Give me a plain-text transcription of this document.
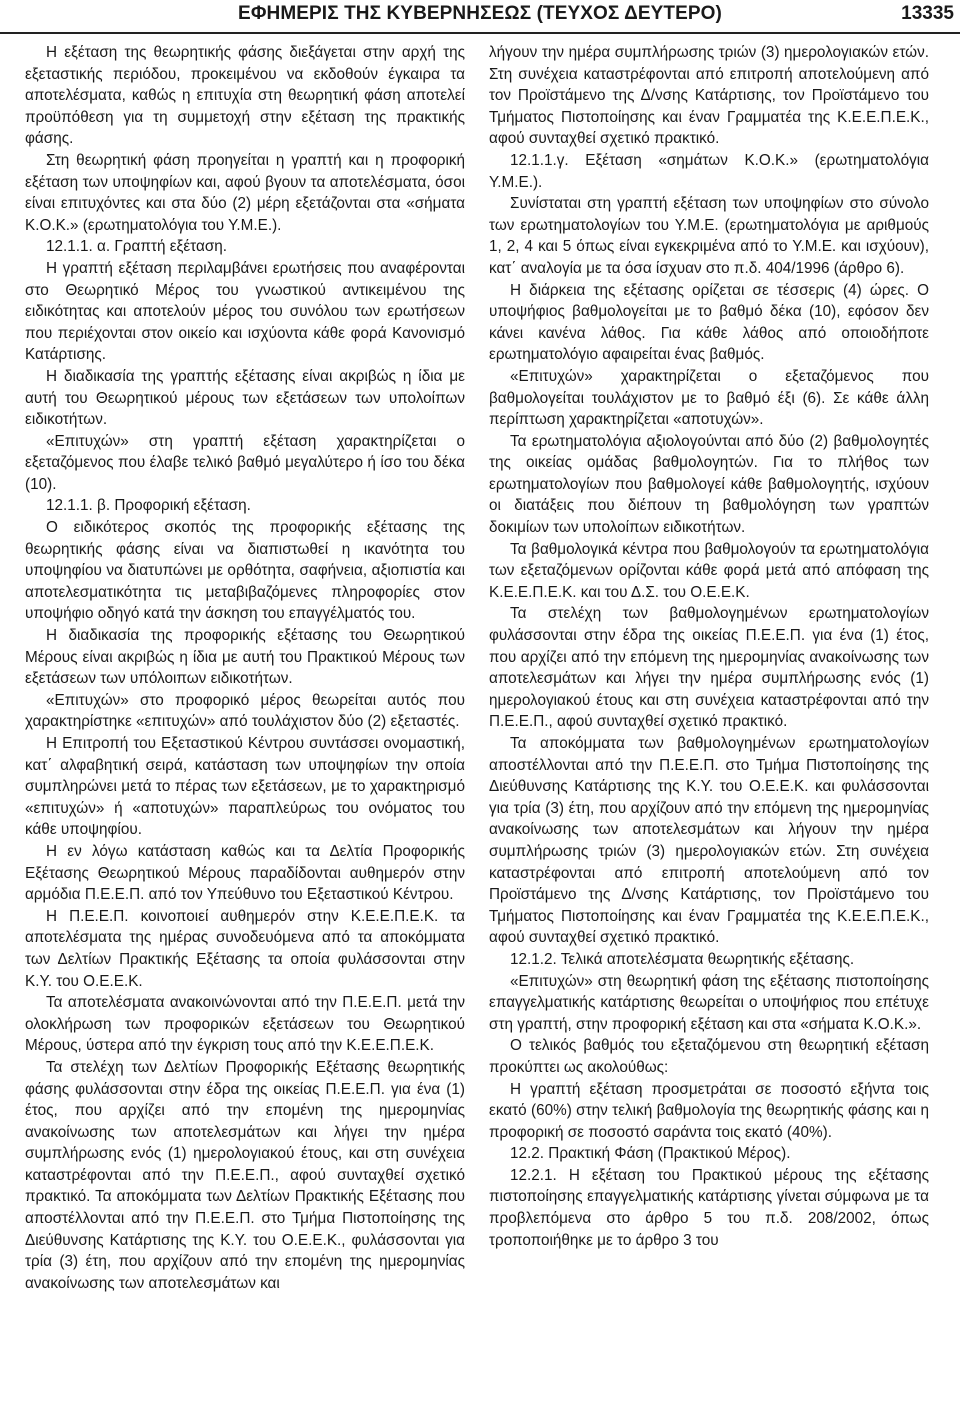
ΕΦΗΜΕΡΙΣ ΤΗΣ ΚΥΒΕΡΝΗΣΕΩΣ (ΤΕΥΧΟΣ ΔΕΥΤΕΡΟ)	13335

Η εξέταση της θεωρητικής φάσης διεξάγεται στην αρχή της εξεταστικής περιόδου, προκειμένου να εκδοθούν έγκαιρα τα αποτελέσματα, καθώς η επιτυχία στη θεωρητική φάση αποτελεί προϋπόθεση για τη συμμετοχή στην εξέταση της πρακτικής φάσης.

Στη θεωρητική φάση προηγείται η γραπτή και η προφορική εξέταση των υποψηφίων και, αφού βγουν τα αποτελέσματα, όσοι είναι επιτυχόντες και στα δύο (2) μέρη εξετάζονται στα «σήματα Κ.Ο.Κ.» (ερωτηματολόγια του Υ.Μ.Ε.).

12.1.1. α. Γραπτή εξέταση.

Η γραπτή εξέταση περιλαμβάνει ερωτήσεις που αναφέρονται στο Θεωρητικό Μέρος του γνωστικού αντικειμένου της ειδικότητας και αποτελούν μέρος του συνόλου των ερωτήσεων που περιέχονται στον οικείο και ισχύοντα κάθε φορά Κανονισμό Κατάρτισης.

Η διαδικασία της γραπτής εξέτασης είναι ακριβώς η ίδια με αυτή του Θεωρητικού μέρους των εξετάσεων των υπολοίπων ειδικοτήτων.

«Επιτυχών» στη γραπτή εξέταση χαρακτηρίζεται ο εξεταζόμενος που έλαβε τελικό βαθμό μεγαλύτερο ή ίσο του δέκα (10).

12.1.1. β. Προφορική εξέταση.

Ο ειδικότερος σκοπός της προφορικής εξέτασης της θεωρητικής φάσης είναι να διαπιστωθεί η ικανότητα του υποψηφίου να διατυπώνει με ορθότητα, σαφήνεια, αξιοπιστία και αποτελεσματικότητα τις μεταβιβαζόμενες πληροφορίες στον υποψήφιο οδηγό κατά την άσκηση του επαγγέλματός του.

Η διαδικασία της προφορικής εξέτασης του Θεωρητικού Μέρους είναι ακριβώς η ίδια με αυτή του Πρακτικού Μέρους των εξετάσεων των υπόλοιπων ειδικοτήτων.

«Επιτυχών» στο προφορικό μέρος θεωρείται αυτός που χαρακτηρίστηκε «επιτυχών» από τουλάχιστον δύο (2) εξεταστές.

Η Επιτροπή του Εξεταστικού Κέντρου συντάσσει ονομαστική, κατ΄ αλφαβητική σειρά, κατάσταση των υποψηφίων την οποία συμπληρώνει μετά το πέρας των εξετάσεων, με το χαρακτηρισμό «επιτυχών» ή «αποτυχών» παραπλεύρως του ονόματος του κάθε υποψηφίου.

Η εν λόγω κατάσταση καθώς και τα Δελτία Προφορικής Εξέτασης Θεωρητικού Μέρους παραδίδονται αυθημερόν στην αρμόδια Π.Ε.Ε.Π. από τον Υπεύθυνο του Εξεταστικού Κέντρου.

Η Π.Ε.Ε.Π. κοινοποιεί αυθημερόν στην Κ.Ε.Ε.Π.Ε.Κ. τα αποτελέσματα της ημέρας συνοδευόμενα από τα αποκόμματα των Δελτίων Πρακτικής Εξέτασης τα οποία φυλάσσονται στην Κ.Υ. του Ο.Ε.Ε.Κ.

Τα αποτελέσματα ανακοινώνονται από την Π.Ε.Ε.Π. μετά την ολοκλήρωση των προφορικών εξετάσεων του Θεωρητικού Μέρους, ύστερα από την έγκριση τους από την Κ.Ε.Ε.Π.Ε.Κ.

Τα στελέχη των Δελτίων Προφορικής Εξέτασης θεωρητικής φάσης φυλάσσονται στην έδρα της οικείας Π.Ε.Ε.Π. για ένα (1) έτος, που αρχίζει από την επομένη της ημερομηνίας ανακοίνωσης των αποτελεσμάτων και λήγει την ημέρα συμπλήρωσης ενός (1) ημερολογιακού έτους, και στη συνέχεια καταστρέφονται από την Π.Ε.Ε.Π., αφού συνταχθεί σχετικό πρακτικό. Τα αποκόμματα των Δελτίων Πρακτικής Εξέτασης που αποστέλλονται από την Π.Ε.Ε.Π. στο Τμήμα Πιστοποίησης της Διεύθυνσης Κατάρτισης της Κ.Υ. του Ο.Ε.Ε.Κ., φυλάσσονται για τρία (3) έτη, που αρχίζουν από την επομένη της ημερομηνίας ανακοίνωσης των αποτελεσμάτων και

λήγουν την ημέρα συμπλήρωσης τριών (3) ημερολογιακών ετών. Στη συνέχεια καταστρέφονται από επιτροπή αποτελούμενη από τον Προϊστάμενο της Δ/νσης Κατάρτισης, τον Προϊστάμενο του Τμήματος Πιστοποίησης και έναν Γραμματέα της Κ.Ε.Ε.Π.Ε.Κ., αφού συνταχθεί σχετικό πρακτικό.

12.1.1.γ. Εξέταση «σημάτων Κ.Ο.Κ.» (ερωτηματολόγια Υ.Μ.Ε.).

Συνίσταται στη γραπτή εξέταση των υποψηφίων στο σύνολο των ερωτηματολογίων του Υ.Μ.Ε. (ερωτηματολόγια με αριθμούς 1, 2, 4 και 5 όπως είναι εγκεκριμένα από το Υ.Μ.Ε. και ισχύουν), κατ΄ αναλογία με τα όσα ίσχυαν στο π.δ. 404/1996 (άρθρο 6).

Η διάρκεια της εξέτασης ορίζεται σε τέσσερις (4) ώρες. Ο υποψήφιος βαθμολογείται με το βαθμό δέκα (10), εφόσον δεν κάνει κανένα λάθος. Για κάθε λάθος από οποιοδήποτε ερωτηματολόγιο αφαιρείται ένας βαθμός.

«Επιτυχών» χαρακτηρίζεται ο εξεταζόμενος που βαθμολογείται τουλάχιστον με το βαθμό έξι (6). Σε κάθε άλλη περίπτωση χαρακτηρίζεται «αποτυχών».

Τα ερωτηματολόγια αξιολογούνται από δύο (2) βαθμολογητές της οικείας ομάδας βαθμολογητών. Για το πλήθος των ερωτηματολογίων που βαθμολογεί κάθε βαθμολογητής, ισχύουν οι διατάξεις που διέπουν τη βαθμολόγηση των γραπτών δοκιμίων των υπολοίπων ειδικοτήτων.

Τα βαθμολογικά κέντρα που βαθμολογούν τα ερωτηματολόγια των εξεταζόμενων ορίζονται κάθε φορά μετά από απόφαση της Κ.Ε.Ε.Π.Ε.Κ. και του Δ.Σ. του Ο.Ε.Ε.Κ.

Τα στελέχη των βαθμολογημένων ερωτηματολογίων φυλάσσονται στην έδρα της οικείας Π.Ε.Ε.Π. για ένα (1) έτος, που αρχίζει από την επόμενη της ημερομηνίας ανακοίνωσης των αποτελεσμάτων και λήγει την ημέρα συμπλήρωσης ενός (1) ημερολογιακού έτους και στη συνέχεια καταστρέφονται από την Π.Ε.Ε.Π., αφού συνταχθεί σχετικό πρακτικό.

Τα αποκόμματα των βαθμολογημένων ερωτηματολογίων αποστέλλονται από την Π.Ε.Ε.Π. στο Τμήμα Πιστοποίησης της Διεύθυνσης Κατάρτισης της Κ.Υ. του Ο.Ε.Ε.Κ. και φυλάσσονται για τρία (3) έτη, που αρχίζουν από την επόμενη της ημερομηνίας ανακοίνωσης των αποτελεσμάτων και λήγουν την ημέρα συμπλήρωσης τριών (3) ημερολογιακών ετών. Στη συνέχεια καταστρέφονται από επιτροπή αποτελούμενη από τον Προϊστάμενο της Δ/νσης Κατάρτισης, τον Προϊστάμενο του Τμήματος Πιστοποίησης και έναν Γραμματέα της Κ.Ε.Ε.Π.Ε.Κ., αφού συνταχθεί σχετικό πρακτικό.

12.1.2. Τελικά αποτελέσματα θεωρητικής εξέτασης.

«Επιτυχών» στη θεωρητική φάση της εξέτασης πιστοποίησης επαγγελματικής κατάρτισης θεωρείται ο υποψήφιος που επέτυχε στη γραπτή, στην προφορική εξέταση και στα «σήματα Κ.Ο.Κ.».

Ο τελικός βαθμός του εξεταζόμενου στη θεωρητική εξέταση προκύπτει ως ακολούθως:

Η γραπτή εξέταση προσμετράται σε ποσοστό εξήντα τοις εκατό (60%) στην τελική βαθμολογία της θεωρητικής φάσης και η προφορική σε ποσοστό σαράντα τοις εκατό (40%).

12.2. Πρακτική Φάση (Πρακτικού Μέρος).

12.2.1. Η εξέταση του Πρακτικού μέρους της εξέτασης πιστοποίησης επαγγελματικής κατάρτισης γίνεται σύμφωνα με τα προβλεπόμενα στο άρθρο 5 του π.δ. 208/2002, όπως τροποποιήθηκε με το άρθρο 3 του
